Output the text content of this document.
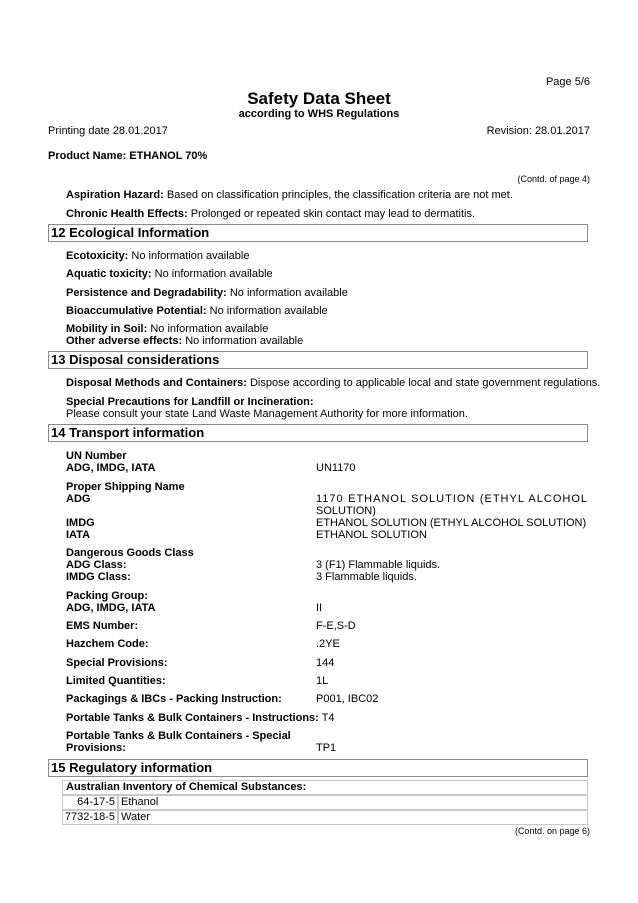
Page 5/6
Safety Data Sheet
according to WHS Regulations
Printing date 28.01.2017	Revision: 28.01.2017
Product Name: ETHANOL 70%
(Contd. of page 4)
Aspiration Hazard: Based on classification principles, the classification criteria are not met.
Chronic Health Effects: Prolonged or repeated skin contact may lead to dermatitis.
12 Ecological Information
Ecotoxicity: No information available
Aquatic toxicity: No information available
Persistence and Degradability: No information available
Bioaccumulative Potential: No information available
Mobility in Soil: No information available
Other adverse effects: No information available
13 Disposal considerations
Disposal Methods and Containers: Dispose according to applicable local and state government regulations.
Special Precautions for Landfill or Incineration:
Please consult your state Land Waste Management Authority for more information.
14 Transport information
UN Number
ADG, IMDG, IATA	UN1170
Proper Shipping Name
ADG	1170 ETHANOL SOLUTION (ETHYL ALCOHOL
SOLUTION)
IMDG	ETHANOL SOLUTION (ETHYL ALCOHOL SOLUTION)
IATA	ETHANOL SOLUTION
Dangerous Goods Class
ADG Class:	3 (F1) Flammable liquids.
IMDG Class:	3 Flammable liquids.
Packing Group:
ADG, IMDG, IATA	II
EMS Number:	F-E,S-D
Hazchem Code:	.2YE
Special Provisions:	144
Limited Quantities:	1L
Packagings & IBCs - Packing Instruction:	P001, IBC02
Portable Tanks & Bulk Containers - Instructions: T4
Portable Tanks & Bulk Containers - Special
Provisions:	TP1
15 Regulatory information
Australian Inventory of Chemical Substances:
64-17-5 Ethanol
7732-18-5 Water
(Contd. on page 6)
